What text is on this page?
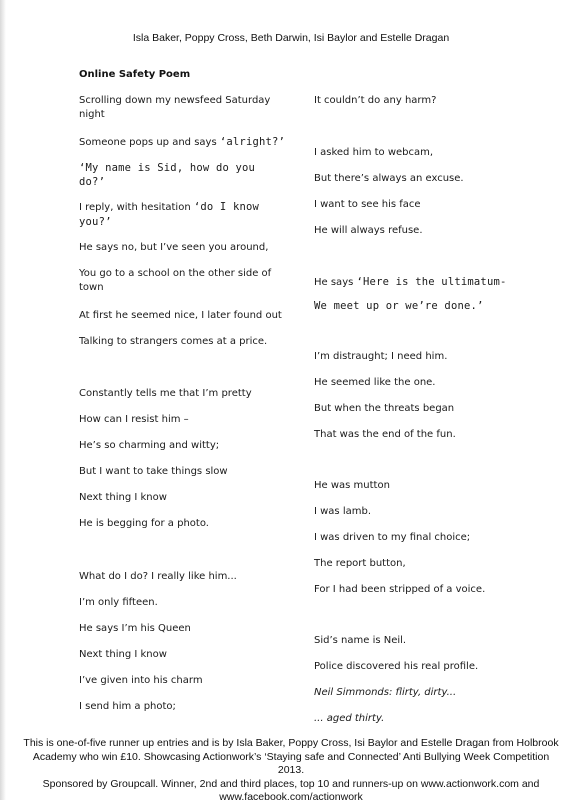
Isla Baker, Poppy Cross, Beth Darwin, Isi Baylor and Estelle Dragan
Online Safety Poem
Scrolling down my newsfeed Saturday night
Someone pops up and says ‘alright?’
‘My name is Sid, how do you do?’
I reply, with hesitation ‘do I know you?’
He says no, but I’ve seen you around,
You go to a school on the other side of town
At first he seemed nice, I later found out
Talking to strangers comes at a price.
Constantly tells me that I’m pretty
How can I resist him –
He’s so charming and witty;
But I want to take things slow
Next thing I know
He is begging for a photo.
What do I do? I really like him...
I’m only fifteen.
He says I’m his Queen
Next thing I know
I’ve given into his charm
I send him a photo;
It couldn’t do any harm?
I asked him to webcam,
But there’s always an excuse.
I want to see his face
He will always refuse.
He says ‘Here is the ultimatum-
We meet up or we’re done.’
I’m distraught; I need him.
He seemed like the one.
But when the threats began
That was the end of the fun.
He was mutton
I was lamb.
I was driven to my final choice;
The report button,
For I had been stripped of a voice.
Sid’s name is Neil.
Police discovered his real profile.
Neil Simmonds: flirty, dirty...
... aged thirty.
This is one-of-five runner up entries and is by Isla Baker, Poppy Cross, Isi Baylor and Estelle Dragan from Holbrook
Academy who win £10. Showcasing Actionwork’s ‘Staying safe and Connected’ Anti Bullying Week Competition 2013.
Sponsored by Groupcall. Winner, 2nd and third places, top 10 and runners-up on www.actionwork.com and
www.facebook.com/actionwork
